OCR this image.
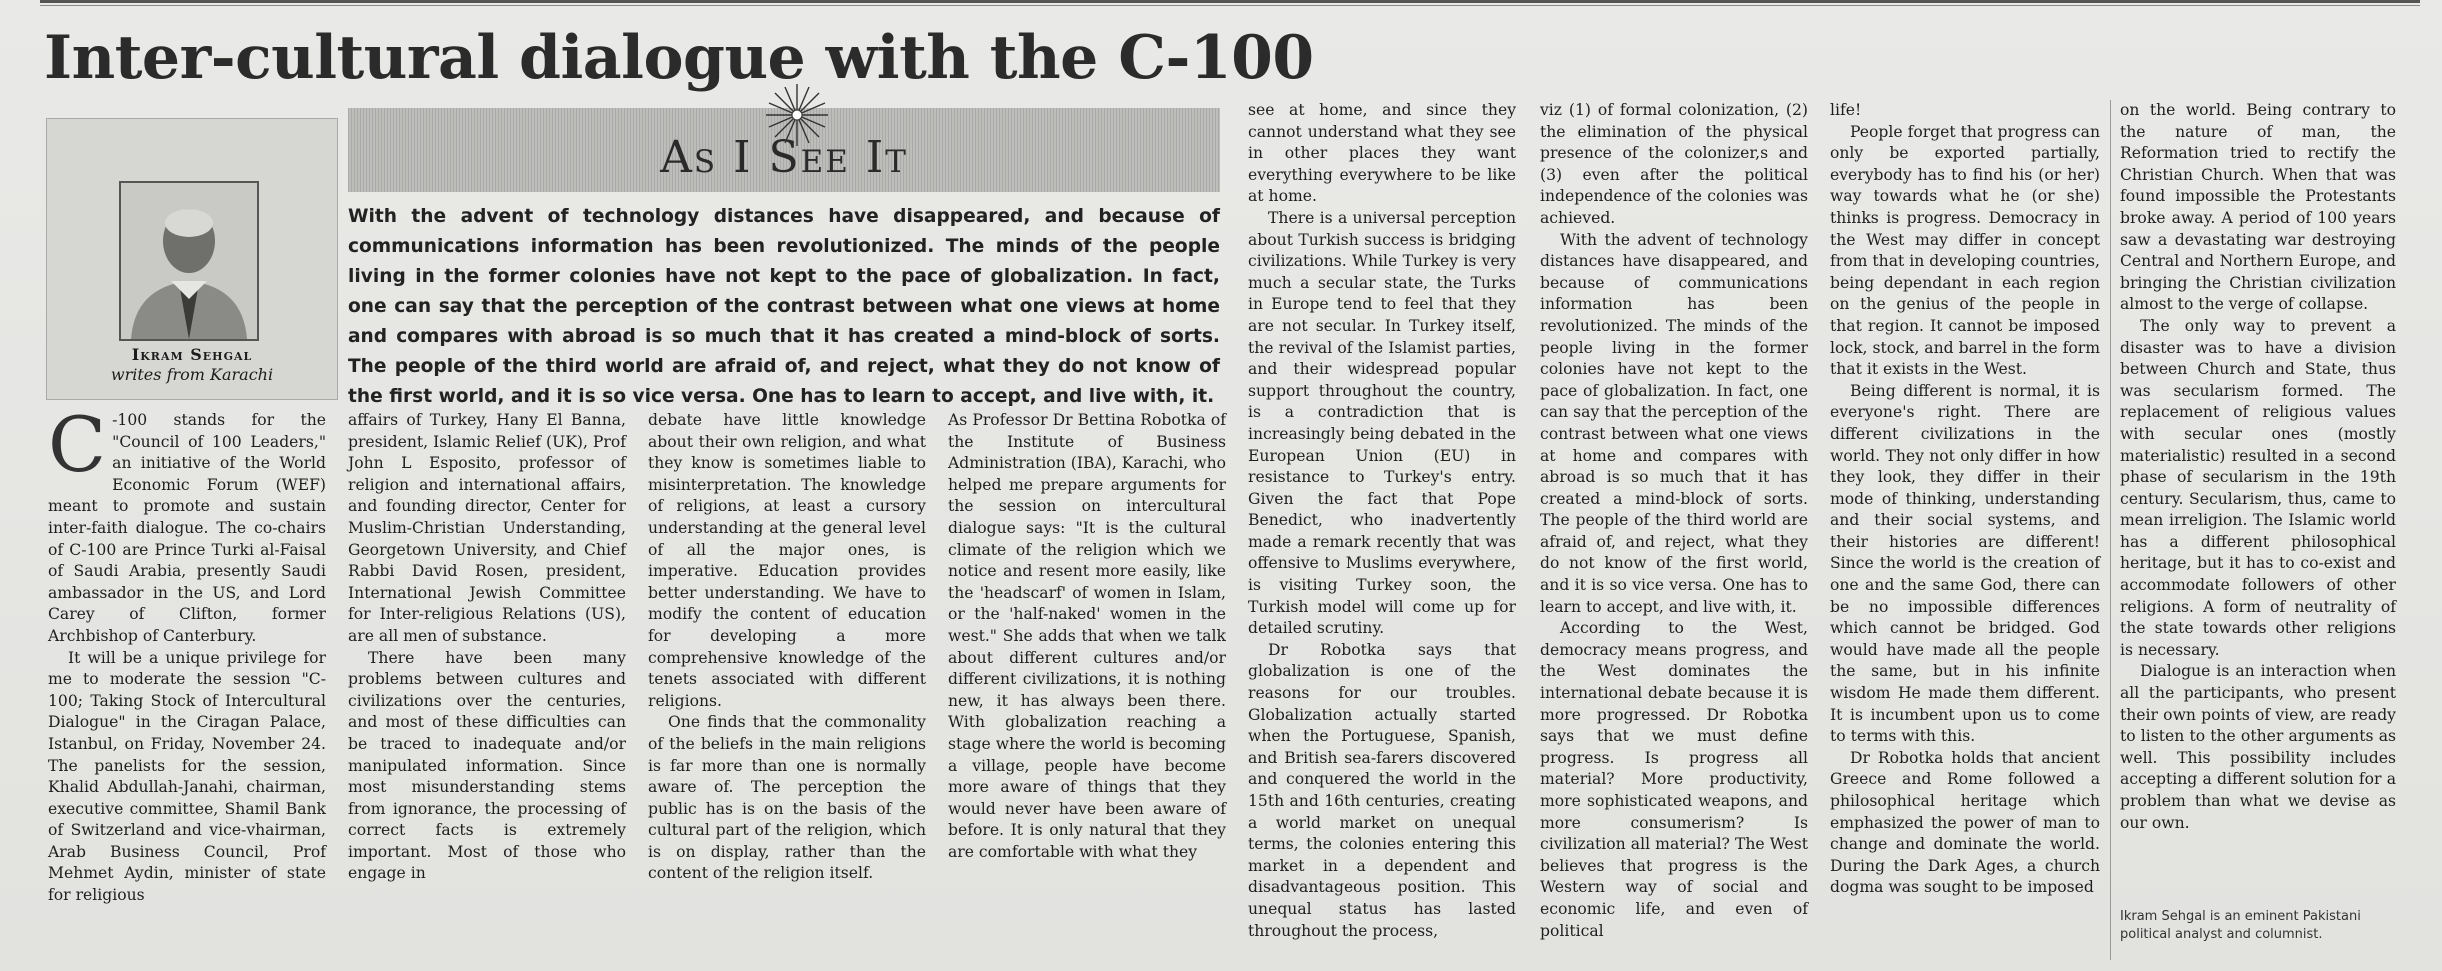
Inter-cultural dialogue with the C-100
Ikram Sehgal
writes from Karachi
As I See It
With the advent of technology distances have disappeared, and because of communications information has been revolutionized. The minds of the people living in the former colonies have not kept to the pace of globalization. In fact, one can say that the perception of the contrast between what one views at home and compares with abroad is so much that it has created a mind-block of sorts. The people of the third world are afraid of, and reject, what they do not know of the first world, and it is so vice versa. One has to learn to accept, and live with, it.
C -100 stands for the "Council of 100 Leaders," an initiative of the World Economic Forum (WEF) meant to promote and sustain inter-faith dialogue. The co-chairs of C-100 are Prince Turki al-Faisal of Saudi Arabia, presently Saudi ambassador in the US, and Lord Carey of Clifton, former Archbishop of Canterbury.

It will be a unique privilege for me to moderate the session "C-100; Taking Stock of Intercultural Dialogue" in the Ciragan Palace, Istanbul, on Friday, November 24. The panelists for the session, Khalid Abdullah-Janahi, chairman, executive committee, Shamil Bank of Switzerland and vice-vhairman, Arab Business Council, Prof Mehmet Aydin, minister of state for religious

affairs of Turkey, Hany El Banna, president, Islamic Relief (UK), Prof John L Esposito, professor of religion and international affairs, and founding director, Center for Muslim-Christian Understanding, Georgetown University, and Chief Rabbi David Rosen, president, International Jewish Committee for Inter-religious Relations (US), are all men of substance.

There have been many problems between cultures and civilizations over the centuries, and most of these difficulties can be traced to inadequate and/or manipulated information. Since most misunderstanding stems from ignorance, the processing of correct facts is extremely important. Most of those who engage in

debate have little knowledge about their own religion, and what they know is sometimes liable to misinterpretation. The knowledge of religions, at least a cursory understanding at the general level of all the major ones, is imperative. Education provides better understanding. We have to modify the content of education for developing a more comprehensive knowledge of the tenets associated with different religions.

One finds that the commonality of the beliefs in the main religions is far more than one is normally aware of. The perception the public has is on the basis of the cultural part of the religion, which is on display, rather than the content of the religion itself.

As Professor Dr Bettina Robotka of the Institute of Business Administration (IBA), Karachi, who helped me prepare arguments for the session on intercultural dialogue says: "It is the cultural climate of the religion which we notice and resent more easily, like the 'headscarf' of women in Islam, or the 'half-naked' women in the west." She adds that when we talk about different cultures and/or different civilizations, it is nothing new, it has always been there. With globalization reaching a stage where the world is becoming a village, people have become more aware of things that they would never have been aware of before. It is only natural that they are comfortable with what they

see at home, and since they cannot understand what they see in other places they want everything everywhere to be like at home.

There is a universal perception about Turkish success is bridging civilizations. While Turkey is very much a secular state, the Turks in Europe tend to feel that they are not secular. In Turkey itself, the revival of the Islamist parties, and their widespread popular support throughout the country, is a contradiction that is increasingly being debated in the European Union (EU) in resistance to Turkey's entry. Given the fact that Pope Benedict, who inadvertently made a remark recently that was offensive to Muslims everywhere, is visiting Turkey soon, the Turkish model will come up for detailed scrutiny.

Dr Robotka says that globalization is one of the reasons for our troubles. Globalization actually started when the Portuguese, Spanish, and British sea-farers discovered and conquered the world in the 15th and 16th centuries, creating a world market on unequal terms, the colonies entering this market in a dependent and disadvantageous position. This unequal status has lasted throughout the process,

viz (1) of formal colonization, (2) the elimination of the physical presence of the colonizer,s and (3) even after the political independence of the colonies was achieved.

With the advent of technology distances have disappeared, and because of communications information has been revolutionized. The minds of the people living in the former colonies have not kept to the pace of globalization. In fact, one can say that the perception of the contrast between what one views at home and compares with abroad is so much that it has created a mind-block of sorts. The people of the third world are afraid of, and reject, what they do not know of the first world, and it is so vice versa. One has to learn to accept, and live with, it.

According to the West, democracy means progress, and the West dominates the international debate because it is more progressed. Dr Robotka says that we must define progress. Is progress all material? More productivity, more sophisticated weapons, and more consumerism? Is civilization all material? The West believes that progress is the Western way of social and economic life, and even of political

life!

People forget that progress can only be exported partially, everybody has to find his (or her) way towards what he (or she) thinks is progress. Democracy in the West may differ in concept from that in developing countries, being dependant in each region on the genius of the people in that region. It cannot be imposed lock, stock, and barrel in the form that it exists in the West.

Being different is normal, it is everyone's right. There are different civilizations in the world. They not only differ in how they look, they differ in their mode of thinking, understanding and their social systems, and their histories are different! Since the world is the creation of one and the same God, there can be no impossible differences which cannot be bridged. God would have made all the people the same, but in his infinite wisdom He made them different. It is incumbent upon us to come to terms with this.

Dr Robotka holds that ancient Greece and Rome followed a philosophical heritage which emphasized the power of man to change and dominate the world. During the Dark Ages, a church dogma was sought to be imposed

on the world. Being contrary to the nature of man, the Reformation tried to rectify the Christian Church. When that was found impossible the Protestants broke away. A period of 100 years saw a devastating war destroying Central and Northern Europe, and bringing the Christian civilization almost to the verge of collapse.

The only way to prevent a disaster was to have a division between Church and State, thus was secularism formed. The replacement of religious values with secular ones (mostly materialistic) resulted in a second phase of secularism in the 19th century. Secularism, thus, came to mean irreligion. The Islamic world has a different philosophical heritage, but it has to co-exist and accommodate followers of other religions. A form of neutrality of the state towards other religions is necessary.

Dialogue is an interaction when all the participants, who present their own points of view, are ready to listen to the other arguments as well. This possibility includes accepting a different solution for a problem than what we devise as our own.

Ikram Sehgal is an eminent Pakistani political analyst and columnist.
